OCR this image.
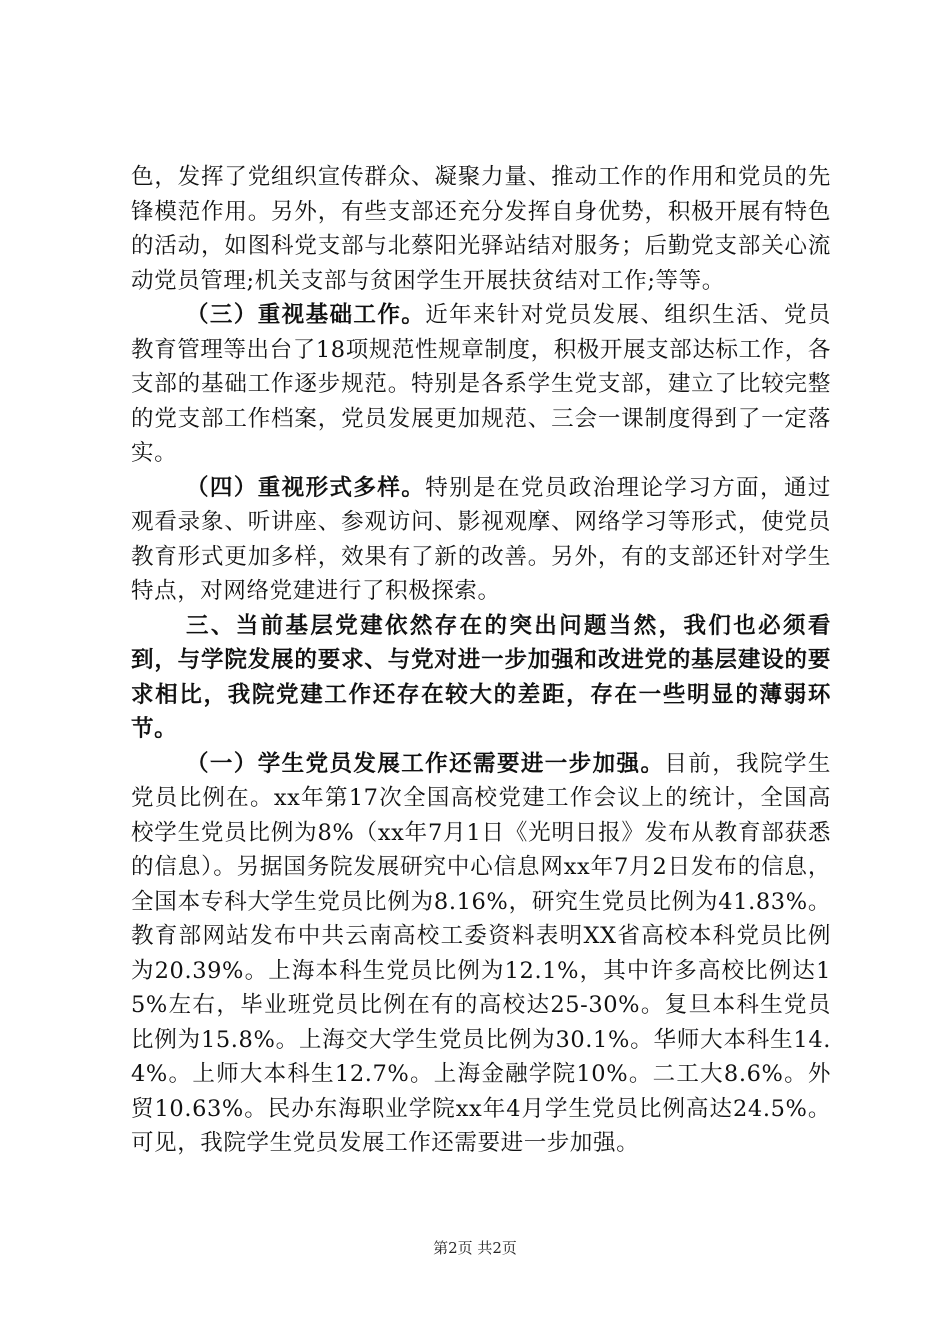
色，发挥了党组织宣传群众、凝聚力量、推动工作的作用和党员的先锋模范作用。另外，有些支部还充分发挥自身优势，积极开展有特色的活动，如图科党支部与北蔡阳光驿站结对服务；后勤党支部关心流动党员管理;机关支部与贫困学生开展扶贫结对工作;等等。

（三）重视基础工作。近年来针对党员发展、组织生活、党员教育管理等出台了18项规范性规章制度，积极开展支部达标工作，各支部的基础工作逐步规范。特别是各系学生党支部，建立了比较完整的党支部工作档案，党员发展更加规范、三会一课制度得到了一定落实。

（四）重视形式多样。特别是在党员政治理论学习方面，通过观看录象、听讲座、参观访问、影视观摩、网络学习等形式，使党员教育形式更加多样，效果有了新的改善。另外，有的支部还针对学生特点，对网络党建进行了积极探索。

三、当前基层党建依然存在的突出问题当然，我们也必须看到，与学院发展的要求、与党对进一步加强和改进党的基层建设的要求相比，我院党建工作还存在较大的差距，存在一些明显的薄弱环节。

（一）学生党员发展工作还需要进一步加强。目前，我院学生党员比例在。xx年第17次全国高校党建工作会议上的统计，全国高校学生党员比例为8%（xx年7月1日《光明日报》发布从教育部获悉的信息）。另据国务院发展研究中心信息网xx年7月2日发布的信息，全国本专科大学生党员比例为8.16%，研究生党员比例为41.83%。教育部网站发布中共云南高校工委资料表明XX省高校本科党员比例为20.39%。上海本科生党员比例为12.1%，其中许多高校比例达15%左右，毕业班党员比例在有的高校达25-30%。复旦本科生党员比例为15.8%。上海交大学生党员比例为30.1%。华师大本科生14.4%。上师大本科生12.7%。上海金融学院10%。二工大8.6%。外贸10.63%。民办东海职业学院xx年4月学生党员比例高达24.5%。可见，我院学生党员发展工作还需要进一步加强。

第2页 共2页
